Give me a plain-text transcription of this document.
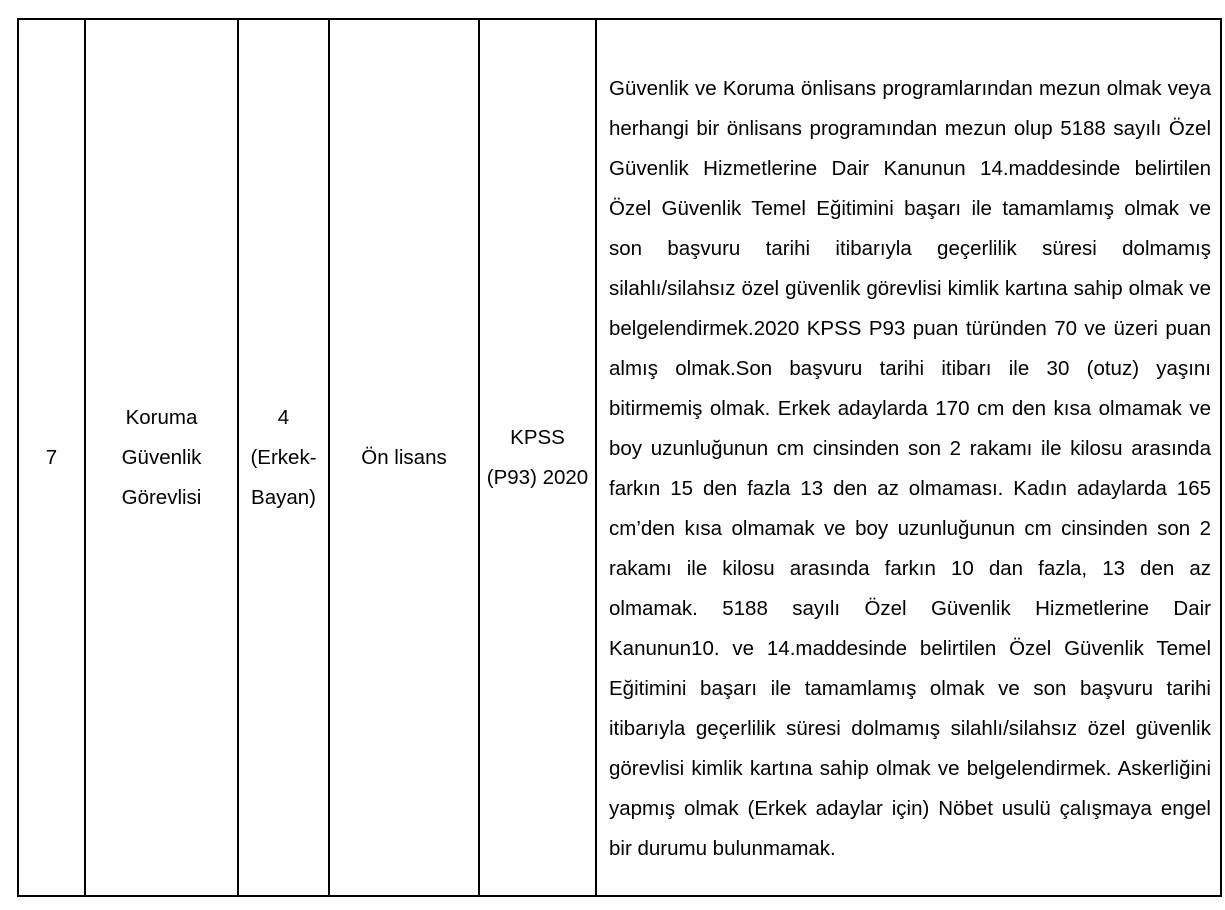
7	
Koruma
Güvenlik
Görevlisi

4
(Erkek-
Bayan)

Ön lisans

KPSS
(P93) 2020

Güvenlik ve Koruma önlisans programlarından mezun olmak veya herhangi bir önlisans programından mezun olup 5188 sayılı Özel Güvenlik Hizmetlerine Dair Kanunun 14.maddesinde belirtilen Özel Güvenlik Temel Eğitimini başarı ile tamamlamış olmak ve son başvuru tarihi itibarıyla geçerlilik süresi dolmamış silahlı/silahsız özel güvenlik görevlisi kimlik kartına sahip olmak ve belgelendirmek.2020 KPSS P93 puan türünden 70 ve üzeri puan almış olmak.Son başvuru tarihi itibarı ile 30 (otuz) yaşını bitirmemiş olmak. Erkek adaylarda 170 cm den kısa olmamak ve boy uzunluğunun cm cinsinden son 2 rakamı ile kilosu arasında farkın 15 den fazla 13 den az olmaması. Kadın adaylarda 165 cm’den kısa olmamak ve boy uzunluğunun cm cinsinden son 2 rakamı ile kilosu arasında farkın 10 dan fazla, 13 den az olmamak. 5188 sayılı Özel Güvenlik Hizmetlerine Dair Kanunun10. ve 14.maddesinde belirtilen Özel Güvenlik Temel Eğitimini başarı ile tamamlamış olmak ve son başvuru tarihi itibarıyla geçerlilik süresi dolmamış silahlı/silahsız özel güvenlik görevlisi kimlik kartına sahip olmak ve belgelendirmek. Askerliğini yapmış olmak (Erkek adaylar için) Nöbet usulü çalışmaya engel bir durumu bulunmamak.
